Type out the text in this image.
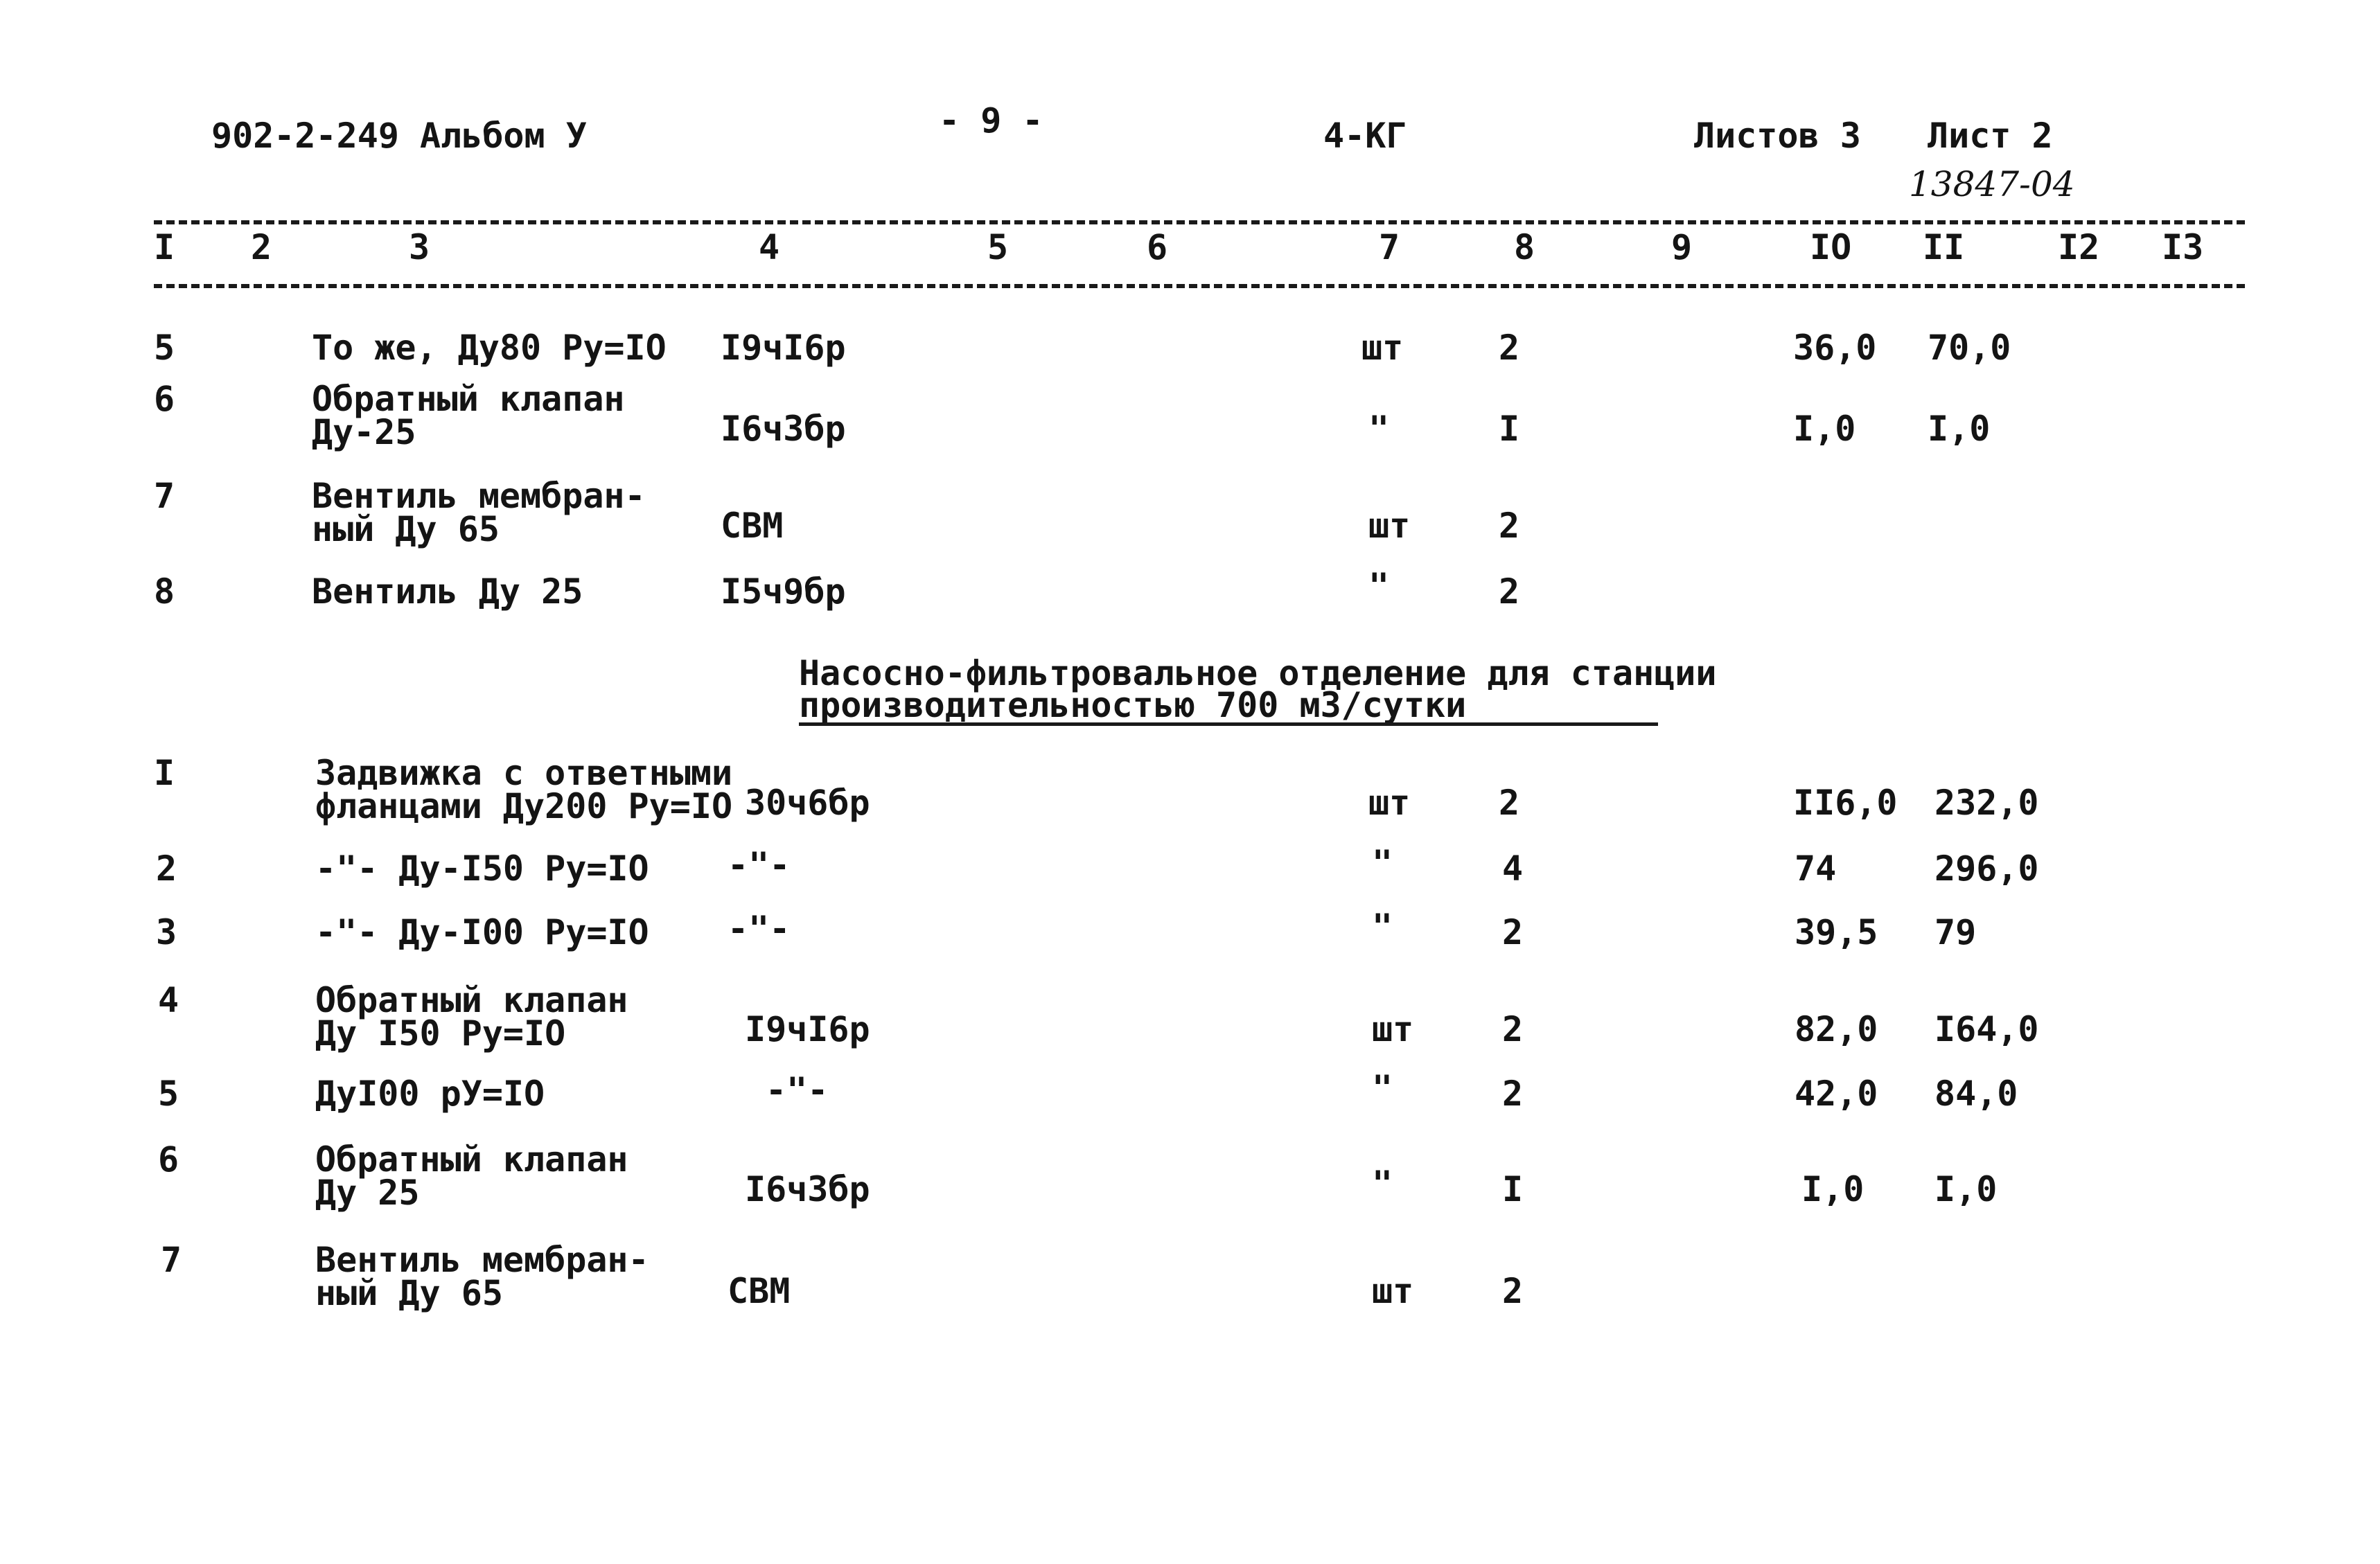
902-2-249 Альбом У	- 9 -	4-КГ	Листов 3 Лист 2
13847-04
I 2	3	4	5	6	7	8	9	IO II	I2 I3
5	То же, Ду80 Ру=IO I9чI6р	шт	2	36,0 70,0
6	Обратный клапан
Ду-25	I6ч3бр	"	I	I,0 I,0
7	Вентиль мембран-
ный Ду 65	СВМ	шт	2
8	Вентиль Ду 25	I5ч9бр	"	2
Насосно-фильтровальное отделение для станции
производительностью 700 м3/сутки
I	Задвижка с ответными
фланцами Ду200 Ру=IO 30ч6бр	шт	2	II6,0 232,0
2	-"- Ду-I50 Ру=IO -"-	"	4	74	296,0
3	-"- Ду-I00 Ру=IO -"-	"	2	39,5 79
4	Обратный клапан
Ду I50 Ру=IO	I9чI6р	шт	2	82,0 I64,0
5	ДуI00 рУ=IO	-"-	"	2	42,0 84,0
6	Обратный клапан
Ду 25	I6ч3бр	"	I	I,0 I,0
7	Вентиль мембран-
ный Ду 65	СВМ	шт	2
